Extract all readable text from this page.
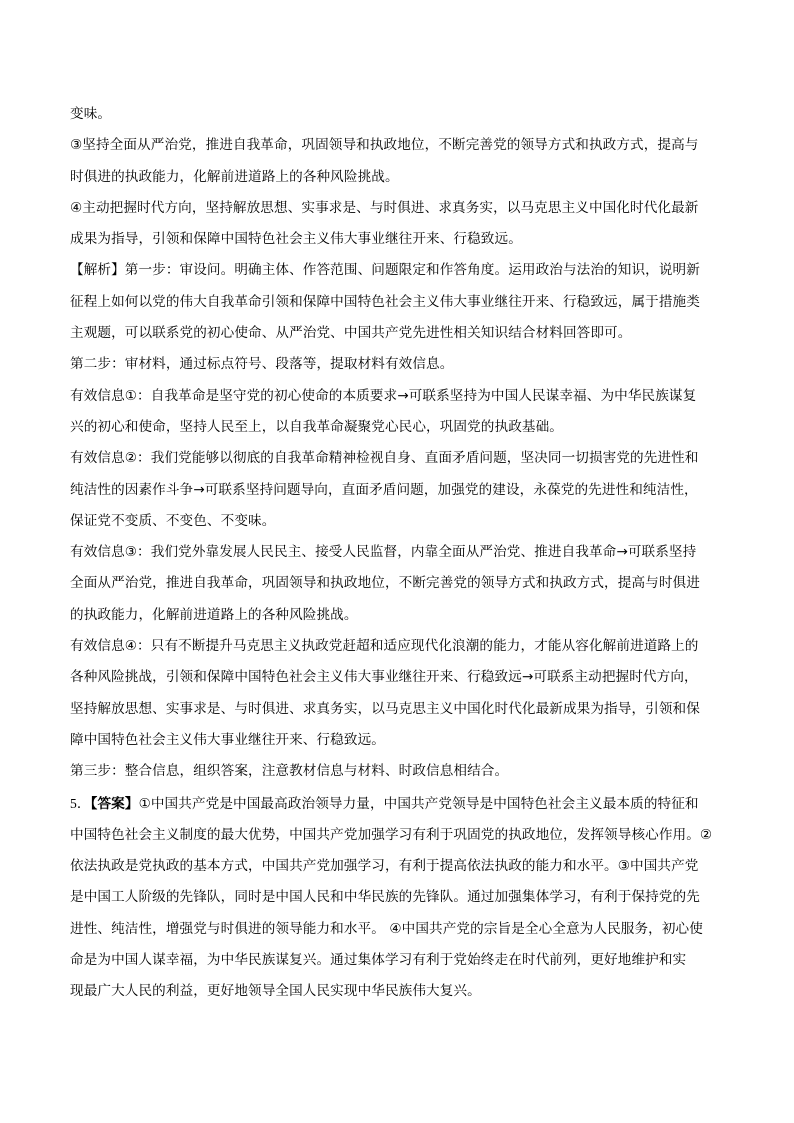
变味。
③坚持全面从严治党，推进自我革命，巩固领导和执政地位，不断完善党的领导方式和执政方式，提高与
时俱进的执政能力，化解前进道路上的各种风险挑战。
④主动把握时代方向，坚持解放思想、实事求是、与时俱进、求真务实，以马克思主义中国化时代化最新
成果为指导，引领和保障中国特色社会主义伟大事业继往开来、行稳致远。
【解析】第一步：审设问。明确主体、作答范围、问题限定和作答角度。运用政治与法治的知识，说明新
征程上如何以党的伟大自我革命引领和保障中国特色社会主义伟大事业继往开来、行稳致远，属于措施类
主观题，可以联系党的初心使命、从严治党、中国共产党先进性相关知识结合材料回答即可。
第二步：审材料，通过标点符号、段落等，提取材料有效信息。
有效信息①：自我革命是坚守党的初心使命的本质要求→可联系坚持为中国人民谋幸福、为中华民族谋复
兴的初心和使命，坚持人民至上，以自我革命凝聚党心民心，巩固党的执政基础。
有效信息②：我们党能够以彻底的自我革命精神检视自身、直面矛盾问题，坚决同一切损害党的先进性和
纯洁性的因素作斗争→可联系坚持问题导向，直面矛盾问题，加强党的建设，永葆党的先进性和纯洁性，
保证党不变质、不变色、不变味。
有效信息③：我们党外靠发展人民民主、接受人民监督，内靠全面从严治党、推进自我革命→可联系坚持
全面从严治党，推进自我革命，巩固领导和执政地位，不断完善党的领导方式和执政方式，提高与时俱进
的执政能力，化解前进道路上的各种风险挑战。
有效信息④：只有不断提升马克思主义执政党赶超和适应现代化浪潮的能力，才能从容化解前进道路上的
各种风险挑战，引领和保障中国特色社会主义伟大事业继往开来、行稳致远→可联系主动把握时代方向，
坚持解放思想、实事求是、与时俱进、求真务实，以马克思主义中国化时代化最新成果为指导，引领和保
障中国特色社会主义伟大事业继往开来、行稳致远。
第三步：整合信息，组织答案，注意教材信息与材料、时政信息相结合。
5．【答案】①中国共产党是中国最高政治领导力量，中国共产党领导是中国特色社会主义最本质的特征和
中国特色社会主义制度的最大优势，中国共产党加强学习有利于巩固党的执政地位，发挥领导核心作用。②
依法执政是党执政的基本方式，中国共产党加强学习，有利于提高依法执政的能力和水平。③中国共产党
是中国工人阶级的先锋队，同时是中国人民和中华民族的先锋队。通过加强集体学习，有利于保持党的先
进性、纯洁性，增强党与时俱进的领导能力和水平。 ④中国共产党的宗旨是全心全意为人民服务，初心使
命是为中国人谋幸福，为中华民族谋复兴。通过集体学习有利于党始终走在时代前列，更好地维护和实
现最广大人民的利益，更好地领导全国人民实现中华民族伟大复兴。
